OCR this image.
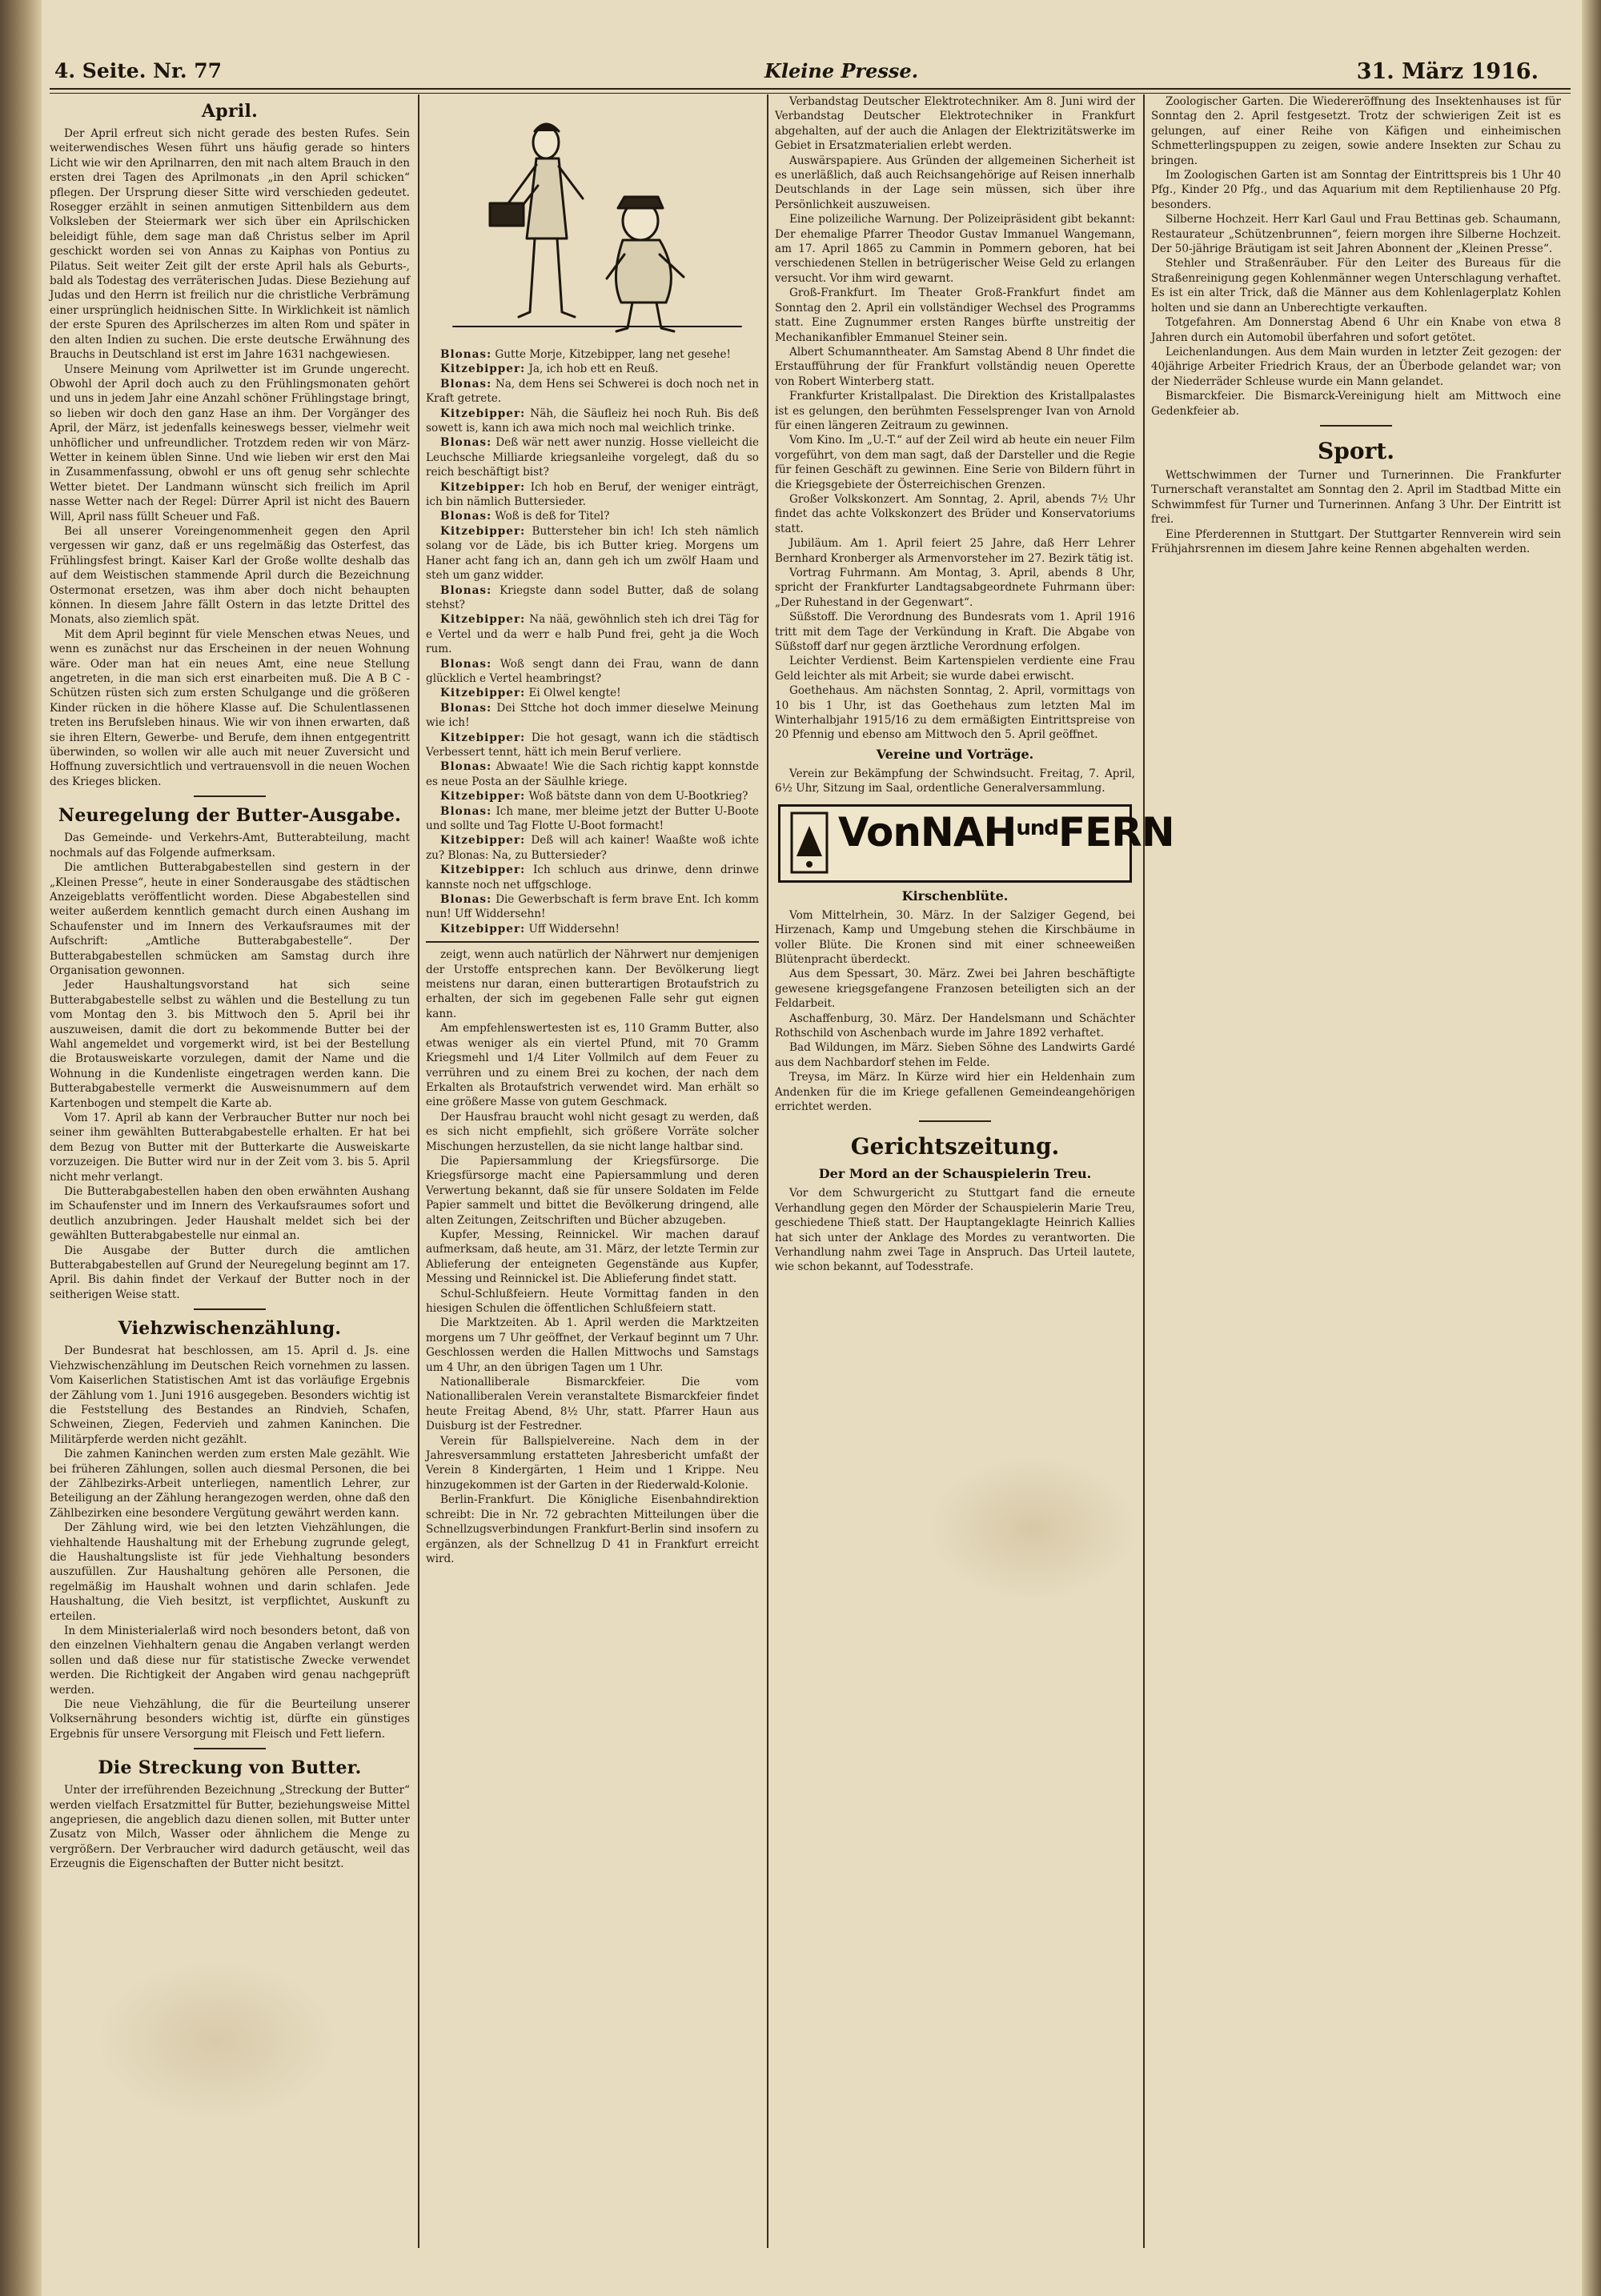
4. Seite. Nr. 77	Kleine Presse.	31. März 1916.
April.

Der April erfreut sich nicht gerade des besten Rufes. Sein weiterwendisches Wesen führt uns häufig gerade so hinters Licht wie wir den Aprilnarren, den mit nach altem Brauch in den ersten drei Tagen des Aprilmonats „in den April schicken“ pflegen. Der Ursprung dieser Sitte wird verschieden gedeutet. Rosegger erzählt in seinen anmutigen Sittenbildern aus dem Volksleben der Steiermark wer sich über ein Aprilschicken beleidigt fühle, dem sage man daß Christus selber im April geschickt worden sei von Annas zu Kaiphas von Pontius zu Pilatus. Seit weiter Zeit gilt der erste April hals als Geburts-, bald als Todestag des verräterischen Judas. Diese Beziehung auf Judas und den Herrn ist freilich nur die christliche Verbrämung einer ursprünglich heidnischen Sitte. In Wirklichkeit ist nämlich der erste Spuren des Aprilscherzes im alten Rom und später in den alten Indien zu suchen. Die erste deutsche Erwähnung des Brauchs in Deutschland ist erst im Jahre 1631 nachgewiesen.

Unsere Meinung vom Aprilwetter ist im Grunde ungerecht. Obwohl der April doch auch zu den Frühlingsmonaten gehört und uns in jedem Jahr eine Anzahl schöner Frühlingstage bringt, so lieben wir doch den ganz Hase an ihm. Der Vorgänger des April, der März, ist jedenfalls keineswegs besser, vielmehr weit unhöflicher und unfreundlicher. Trotzdem reden wir von März-Wetter in keinem üblen Sinne. Und wie lieben wir erst den Mai in Zusammenfassung, obwohl er uns oft genug sehr schlechte Wetter bietet. Der Landmann wünscht sich freilich im April nasse Wetter nach der Regel: Dürrer April ist nicht des Bauern Will, April nass füllt Scheuer und Faß.

Bei all unserer Voreingenommenheit gegen den April vergessen wir ganz, daß er uns regelmäßig das Osterfest, das Frühlingsfest bringt. Kaiser Karl der Große wollte deshalb das auf dem Weistischen stammende April durch die Bezeichnung Ostermonat ersetzen, was ihm aber doch nicht behaupten können. In diesem Jahre fällt Ostern in das letzte Drittel des Monats, also ziemlich spät.

Mit dem April beginnt für viele Menschen etwas Neues, und wenn es zunächst nur das Erscheinen in der neuen Wohnung wäre. Oder man hat ein neues Amt, eine neue Stellung angetreten, in die man sich erst einarbeiten muß. Die A B C - Schützen rüsten sich zum ersten Schulgange und die größeren Kinder rücken in die höhere Klasse auf. Die Schulentlassenen treten ins Berufsleben hinaus. Wie wir von ihnen erwarten, daß sie ihren Eltern, Gewerbe- und Berufe, dem ihnen entgegentritt überwinden, so wollen wir alle auch mit neuer Zuversicht und Hoffnung zuversichtlich und vertrauensvoll in die neuen Wochen des Krieges blicken.

Neuregelung der Butter-Ausgabe.

Das Gemeinde- und Verkehrs-Amt, Butterabteilung, macht nochmals auf das Folgende aufmerksam.

Die amtlichen Butterabgabestellen sind gestern in der „Kleinen Presse“, heute in einer Sonderausgabe des städtischen Anzeigeblatts veröffentlicht worden. Diese Abgabestellen sind weiter außerdem kenntlich gemacht durch einen Aushang im Schaufenster und im Innern des Verkaufsraumes mit der Aufschrift: „Amtliche Butterabgabestelle“. Der Butterabgabestellen schmücken am Samstag durch ihre Organisation gewonnen.

Jeder Haushaltungsvorstand hat sich seine Butterabgabestelle selbst zu wählen und die Bestellung zu tun vom Montag den 3. bis Mittwoch den 5. April bei ihr auszuweisen, damit die dort zu bekommende Butter bei der Wahl angemeldet und vorgemerkt wird, ist bei der Bestellung die Brotausweiskarte vorzulegen, damit der Name und die Wohnung in die Kundenliste eingetragen werden kann. Die Butterabgabestelle vermerkt die Ausweisnummern auf dem Kartenbogen und stempelt die Karte ab.

Vom 17. April ab kann der Verbraucher Butter nur noch bei seiner ihm gewählten Butterabgabestelle erhalten. Er hat bei dem Bezug von Butter mit der Butterkarte die Ausweiskarte vorzuzeigen. Die Butter wird nur in der Zeit vom 3. bis 5. April nicht mehr verlangt.

Die Butterabgabestellen haben den oben erwähnten Aushang im Schaufenster und im Innern des Verkaufsraumes sofort und deutlich anzubringen. Jeder Haushalt meldet sich bei der gewählten Butterabgabestelle nur einmal an.

Die Ausgabe der Butter durch die amtlichen Butterabgabestellen auf Grund der Neuregelung beginnt am 17. April. Bis dahin findet der Verkauf der Butter noch in der seitherigen Weise statt.

Viehzwischenzählung.

Der Bundesrat hat beschlossen, am 15. April d. Js. eine Viehzwischenzählung im Deutschen Reich vornehmen zu lassen. Vom Kaiserlichen Statistischen Amt ist das vorläufige Ergebnis der Zählung vom 1. Juni 1916 ausgegeben. Besonders wichtig ist die Feststellung des Bestandes an Rindvieh, Schafen, Schweinen, Ziegen, Federvieh und zahmen Kaninchen. Die Militärpferde werden nicht gezählt.

Die zahmen Kaninchen werden zum ersten Male gezählt. Wie bei früheren Zählungen, sollen auch diesmal Personen, die bei der Zählbezirks-Arbeit unterliegen, namentlich Lehrer, zur Beteiligung an der Zählung herangezogen werden, ohne daß den Zählbezirken eine besondere Vergütung gewährt werden kann.

Der Zählung wird, wie bei den letzten Viehzählungen, die viehhaltende Haushaltung mit der Erhebung zugrunde gelegt, die Haushaltungsliste ist für jede Viehhaltung besonders auszufüllen. Zur Haushaltung gehören alle Personen, die regelmäßig im Haushalt wohnen und darin schlafen. Jede Haushaltung, die Vieh besitzt, ist verpflichtet, Auskunft zu erteilen.

In dem Ministerialerlaß wird noch besonders betont, daß von den einzelnen Viehhaltern genau die Angaben verlangt werden sollen und daß diese nur für statistische Zwecke verwendet werden. Die Richtigkeit der Angaben wird genau nachgeprüft werden.

Die neue Viehzählung, die für die Beurteilung unserer Volksernährung besonders wichtig ist, dürfte ein günstiges Ergebnis für unsere Versorgung mit Fleisch und Fett liefern.

Die Streckung von Butter.

Unter der irreführenden Bezeichnung „Streckung der Butter“ werden vielfach Ersatzmittel für Butter, beziehungsweise Mittel angepriesen, die angeblich dazu dienen sollen, mit Butter unter Zusatz von Milch, Wasser oder ähnlichem die Menge zu vergrößern. Der Verbraucher wird dadurch getäuscht, weil das Erzeugnis die Eigenschaften der Butter nicht besitzt.

Blonas: Gutte Morje, Kitzebipper, lang net gesehe!

Kitzebipper: Ja, ich hob ett en Reuß.

Blonas: Na, dem Hens sei Schwerei is doch noch net in Kraft getrete.

Kitzebipper: Näh, die Säufleiz hei noch Ruh. Bis deß sowett is, kann ich awa mich noch mal weichlich trinke.

Blonas: Deß wär nett awer nunzig. Hosse vielleicht die Leuchsche Milliarde kriegsanleihe vorgelegt, daß du so reich beschäftigt bist?

Kitzebipper: Ich hob en Beruf, der weniger einträgt, ich bin nämlich Buttersieder.

Blonas: Woß is deß for Titel?

Kitzebipper: Buttersteher bin ich! Ich steh nämlich solang vor de Läde, bis ich Butter krieg. Morgens um Haner acht fang ich an, dann geh ich um zwölf Haam und steh um ganz widder.

Blonas: Kriegste dann sodel Butter, daß de solang stehst?

Kitzebipper: Na nää, gewöhnlich steh ich drei Täg for e Vertel und da werr e halb Pund frei, geht ja die Woch rum.

Blonas: Woß sengt dann dei Frau, wann de dann glücklich e Vertel heambringst?

Kitzebipper: Ei Olwel kengte!

Blonas: Dei Sttche hot doch immer dieselwe Meinung wie ich!

Kitzebipper: Die hot gesagt, wann ich die städtisch Verbessert tennt, hätt ich mein Beruf verliere.

Blonas: Abwaate! Wie die Sach richtig kappt konnstde es neue Posta an der Säulhle kriege.

Kitzebipper: Woß bätste dann von dem U-Bootkrieg?

Blonas: Ich mane, mer bleime jetzt der Butter U-Boote und sollte und Tag Flotte U-Boot formacht!

Kitzebipper: Deß will ach kainer! Waaßte woß ichte zu? Blonas: Na, zu Buttersieder?

Kitzebipper: Ich schluch aus drinwe, denn drinwe kannste noch net uffgschloge.

Blonas: Die Gewerbschaft is ferm brave Ent. Ich komm nun! Uff Widdersehn!

Kitzebipper: Uff Widdersehn!

zeigt, wenn auch natürlich der Nährwert nur demjenigen der Urstoffe entsprechen kann. Der Bevölkerung liegt meistens nur daran, einen butterartigen Brotaufstrich zu erhalten, der sich im gegebenen Falle sehr gut eignen kann.

Am empfehlenswertesten ist es, 110 Gramm Butter, also etwas weniger als ein viertel Pfund, mit 70 Gramm Kriegsmehl und 1/4 Liter Vollmilch auf dem Feuer zu verrühren und zu einem Brei zu kochen, der nach dem Erkalten als Brotaufstrich verwendet wird. Man erhält so eine größere Masse von gutem Geschmack.

Der Hausfrau braucht wohl nicht gesagt zu werden, daß es sich nicht empfiehlt, sich größere Vorräte solcher Mischungen herzustellen, da sie nicht lange haltbar sind.

Die Papiersammlung der Kriegsfürsorge. Die Kriegsfürsorge macht eine Papiersammlung und deren Verwertung bekannt, daß sie für unsere Soldaten im Felde Papier sammelt und bittet die Bevölkerung dringend, alle alten Zeitungen, Zeitschriften und Bücher abzugeben.

Kupfer, Messing, Reinnickel. Wir machen darauf aufmerksam, daß heute, am 31. März, der letzte Termin zur Ablieferung der enteigneten Gegenstände aus Kupfer, Messing und Reinnickel ist. Die Ablieferung findet statt.

Schul-Schlußfeiern. Heute Vormittag fanden in den hiesigen Schulen die öffentlichen Schlußfeiern statt.

Die Marktzeiten. Ab 1. April werden die Marktzeiten morgens um 7 Uhr geöffnet, der Verkauf beginnt um 7 Uhr. Geschlossen werden die Hallen Mittwochs und Samstags um 4 Uhr, an den übrigen Tagen um 1 Uhr.

Nationalliberale Bismarckfeier. Die vom Nationalliberalen Verein veranstaltete Bismarckfeier findet heute Freitag Abend, 8½ Uhr, statt. Pfarrer Haun aus Duisburg ist der Festredner.

Verein für Ballspielvereine. Nach dem in der Jahresversammlung erstatteten Jahresbericht umfaßt der Verein 8 Kindergärten, 1 Heim und 1 Krippe. Neu hinzugekommen ist der Garten in der Riederwald-Kolonie.

Berlin-Frankfurt. Die Königliche Eisenbahndirektion schreibt: Die in Nr. 72 gebrachten Mitteilungen über die Schnellzugsverbindungen Frankfurt-Berlin sind insofern zu ergänzen, als der Schnellzug D 41 in Frankfurt erreicht wird.

Verbandstag Deutscher Elektrotechniker. Am 8. Juni wird der Verbandstag Deutscher Elektrotechniker in Frankfurt abgehalten, auf der auch die Anlagen der Elektrizitätswerke im Gebiet in Ersatzmaterialien erlebt werden.

Auswärspapiere. Aus Gründen der allgemeinen Sicherheit ist es unerläßlich, daß auch Reichsangehörige auf Reisen innerhalb Deutschlands in der Lage sein müssen, sich über ihre Persönlichkeit auszuweisen.

Eine polizeiliche Warnung. Der Polizeipräsident gibt bekannt: Der ehemalige Pfarrer Theodor Gustav Immanuel Wangemann, am 17. April 1865 zu Cammin in Pommern geboren, hat bei verschiedenen Stellen in betrügerischer Weise Geld zu erlangen versucht. Vor ihm wird gewarnt.

Groß-Frankfurt. Im Theater Groß-Frankfurt findet am Sonntag den 2. April ein vollständiger Wechsel des Programms statt. Eine Zugnummer ersten Ranges bürfte unstreitig der Mechanikanfibler Emmanuel Steiner sein.

Albert Schumanntheater. Am Samstag Abend 8 Uhr findet die Erstaufführung der für Frankfurt vollständig neuen Operette von Robert Winterberg statt.

Frankfurter Kristallpalast. Die Direktion des Kristallpalastes ist es gelungen, den berühmten Fesselsprenger Ivan von Arnold für einen längeren Zeitraum zu gewinnen.

Vom Kino. Im „U.-T.“ auf der Zeil wird ab heute ein neuer Film vorgeführt, von dem man sagt, daß der Darsteller und die Regie für feinen Geschäft zu gewinnen. Eine Serie von Bildern führt in die Kriegsgebiete der Österreichischen Grenzen.

Großer Volkskonzert. Am Sonntag, 2. April, abends 7½ Uhr findet das achte Volkskonzert des Brüder und Konservatoriums statt.

Jubiläum. Am 1. April feiert 25 Jahre, daß Herr Lehrer Bernhard Kronberger als Armenvorsteher im 27. Bezirk tätig ist.

Vortrag Fuhrmann. Am Montag, 3. April, abends 8 Uhr, spricht der Frankfurter Landtagsabgeordnete Fuhrmann über: „Der Ruhestand in der Gegenwart“.

Süßstoff. Die Verordnung des Bundesrats vom 1. April 1916 tritt mit dem Tage der Verkündung in Kraft. Die Abgabe von Süßstoff darf nur gegen ärztliche Verordnung erfolgen.

Leichter Verdienst. Beim Kartenspielen verdiente eine Frau Geld leichter als mit Arbeit; sie wurde dabei erwischt.

Goethehaus. Am nächsten Sonntag, 2. April, vormittags von 10 bis 1 Uhr, ist das Goethehaus zum letzten Mal im Winterhalbjahr 1915/16 zu dem ermäßigten Eintrittspreise von 20 Pfennig und ebenso am Mittwoch den 5. April geöffnet.

Vereine und Vorträge.

Verein zur Bekämpfung der Schwindsucht. Freitag, 7. April, 6½ Uhr, Sitzung im Saal, ordentliche Generalversammlung.

VonNAH$^{und}$FERN
Kirschenblüte.

Vom Mittelrhein, 30. März. In der Salziger Gegend, bei Hirzenach, Kamp und Umgebung stehen die Kirschbäume in voller Blüte. Die Kronen sind mit einer schneeweißen Blütenpracht überdeckt.

Aus dem Spessart, 30. März. Zwei bei Jahren beschäftigte gewesene kriegsgefangene Franzosen beteiligten sich an der Feldarbeit.

Aschaffenburg, 30. März. Der Handelsmann und Schächter Rothschild von Aschenbach wurde im Jahre 1892 verhaftet.

Bad Wildungen, im März. Sieben Söhne des Landwirts Gardé aus dem Nachbardorf stehen im Felde.

Treysa, im März. In Kürze wird hier ein Heldenhain zum Andenken für die im Kriege gefallenen Gemeindeangehörigen errichtet werden.

Gerichtszeitung.
Der Mord an der Schauspielerin Treu.

Vor dem Schwurgericht zu Stuttgart fand die erneute Verhandlung gegen den Mörder der Schauspielerin Marie Treu, geschiedene Thieß statt. Der Hauptangeklagte Heinrich Kallies hat sich unter der Anklage des Mordes zu verantworten. Die Verhandlung nahm zwei Tage in Anspruch. Das Urteil lautete, wie schon bekannt, auf Todesstrafe.

Zoologischer Garten. Die Wiedereröffnung des Insektenhauses ist für Sonntag den 2. April festgesetzt. Trotz der schwierigen Zeit ist es gelungen, auf einer Reihe von Käfigen und einheimischen Schmetterlingspuppen zu zeigen, sowie andere Insekten zur Schau zu bringen.

Im Zoologischen Garten ist am Sonntag der Eintrittspreis bis 1 Uhr 40 Pfg., Kinder 20 Pfg., und das Aquarium mit dem Reptilienhause 20 Pfg. besonders.

Silberne Hochzeit. Herr Karl Gaul und Frau Bettinas geb. Schaumann, Restaurateur „Schützenbrunnen“, feiern morgen ihre Silberne Hochzeit. Der 50-jährige Bräutigam ist seit Jahren Abonnent der „Kleinen Presse“.

Stehler und Straßenräuber. Für den Leiter des Bureaus für die Straßenreinigung gegen Kohlenmänner wegen Unterschlagung verhaftet. Es ist ein alter Trick, daß die Männer aus dem Kohlenlagerplatz Kohlen holten und sie dann an Unberechtigte verkauften.

Totgefahren. Am Donnerstag Abend 6 Uhr ein Knabe von etwa 8 Jahren durch ein Automobil überfahren und sofort getötet.

Leichenlandungen. Aus dem Main wurden in letzter Zeit gezogen: der 40jährige Arbeiter Friedrich Kraus, der an Überbode gelandet war; von der Niederräder Schleuse wurde ein Mann gelandet.

Bismarckfeier. Die Bismarck-Vereinigung hielt am Mittwoch eine Gedenkfeier ab.

Sport.

Wettschwimmen der Turner und Turnerinnen. Die Frankfurter Turnerschaft veranstaltet am Sonntag den 2. April im Stadtbad Mitte ein Schwimmfest für Turner und Turnerinnen. Anfang 3 Uhr. Der Eintritt ist frei.

Eine Pferderennen in Stuttgart. Der Stuttgarter Rennverein wird sein Frühjahrsrennen im diesem Jahre keine Rennen abgehalten werden.
